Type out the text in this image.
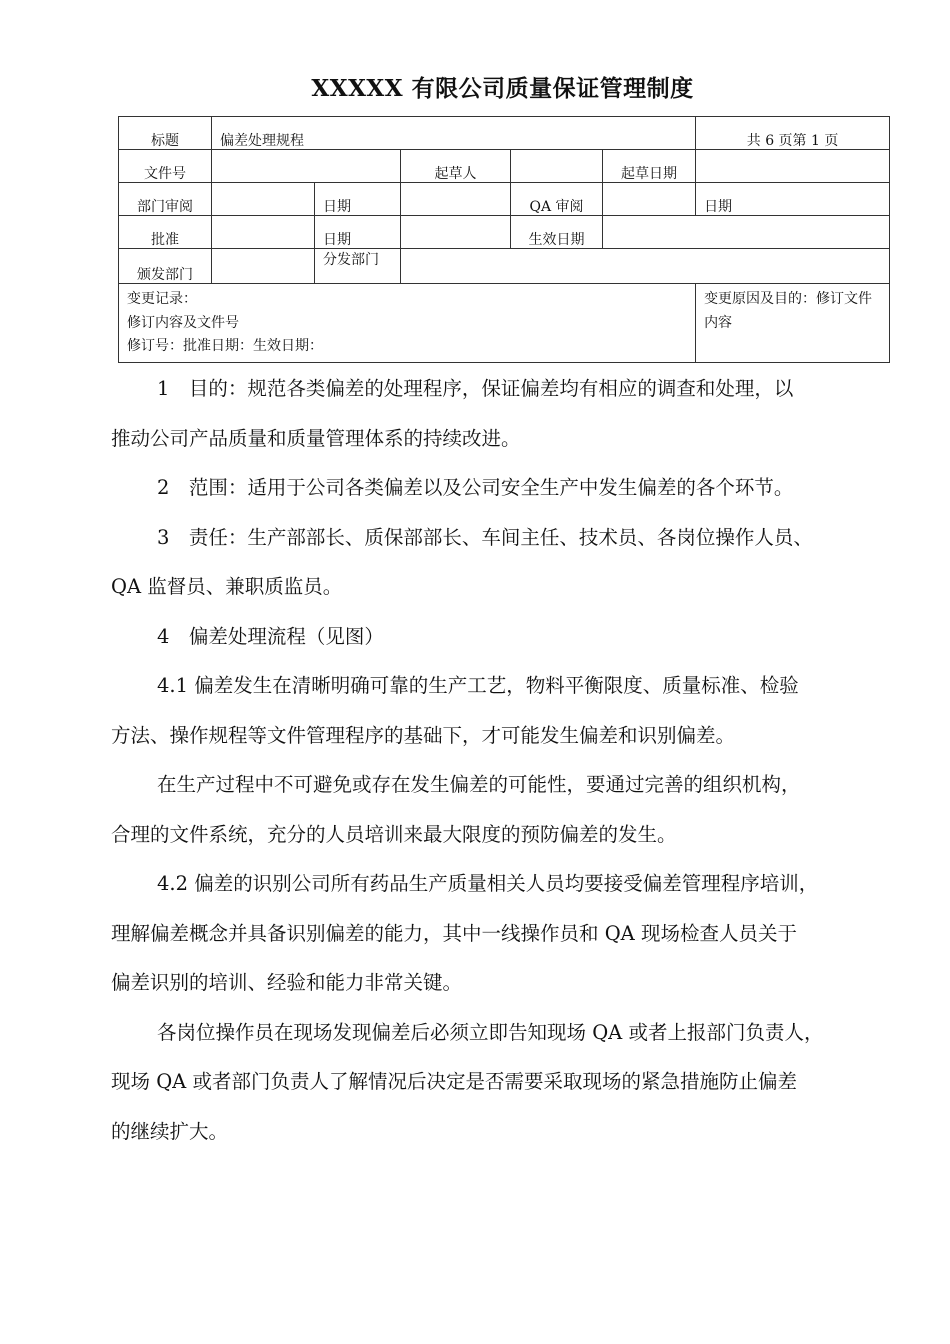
XXXXX 有限公司质量保证管理制度
标题	偏差处理规程					共 6 页第 1 页
文件号			起草人		起草日期	
部门审阅		日期		QA 审阅		日期
批准		日期		生效日期		
颁发部门		分发部门				

变更记录：
修订内容及文件号
修订号：批准日期：生效日期：						变更原因及目的：修订文件内容

1　目的：规范各类偏差的处理程序，保证偏差均有相应的调查和处理，以

推动公司产品质量和质量管理体系的持续改进。

2　范围：适用于公司各类偏差以及公司安全生产中发生偏差的各个环节。

3　责任：生产部部长、质保部部长、车间主任、技术员、各岗位操作人员、

QA 监督员、兼职质监员。

4　偏差处理流程（见图）

4.1 偏差发生在清晰明确可靠的生产工艺，物料平衡限度、质量标准、检验

方法、操作规程等文件管理程序的基础下，才可能发生偏差和识别偏差。

在生产过程中不可避免或存在发生偏差的可能性，要通过完善的组织机构，

合理的文件系统，充分的人员培训来最大限度的预防偏差的发生。

4.2 偏差的识别公司所有药品生产质量相关人员均要接受偏差管理程序培训，

理解偏差概念并具备识别偏差的能力，其中一线操作员和 QA 现场检查人员关于

偏差识别的培训、经验和能力非常关键。

各岗位操作员在现场发现偏差后必须立即告知现场 QA 或者上报部门负责人，

现场 QA 或者部门负责人了解情况后决定是否需要采取现场的紧急措施防止偏差

的继续扩大。
